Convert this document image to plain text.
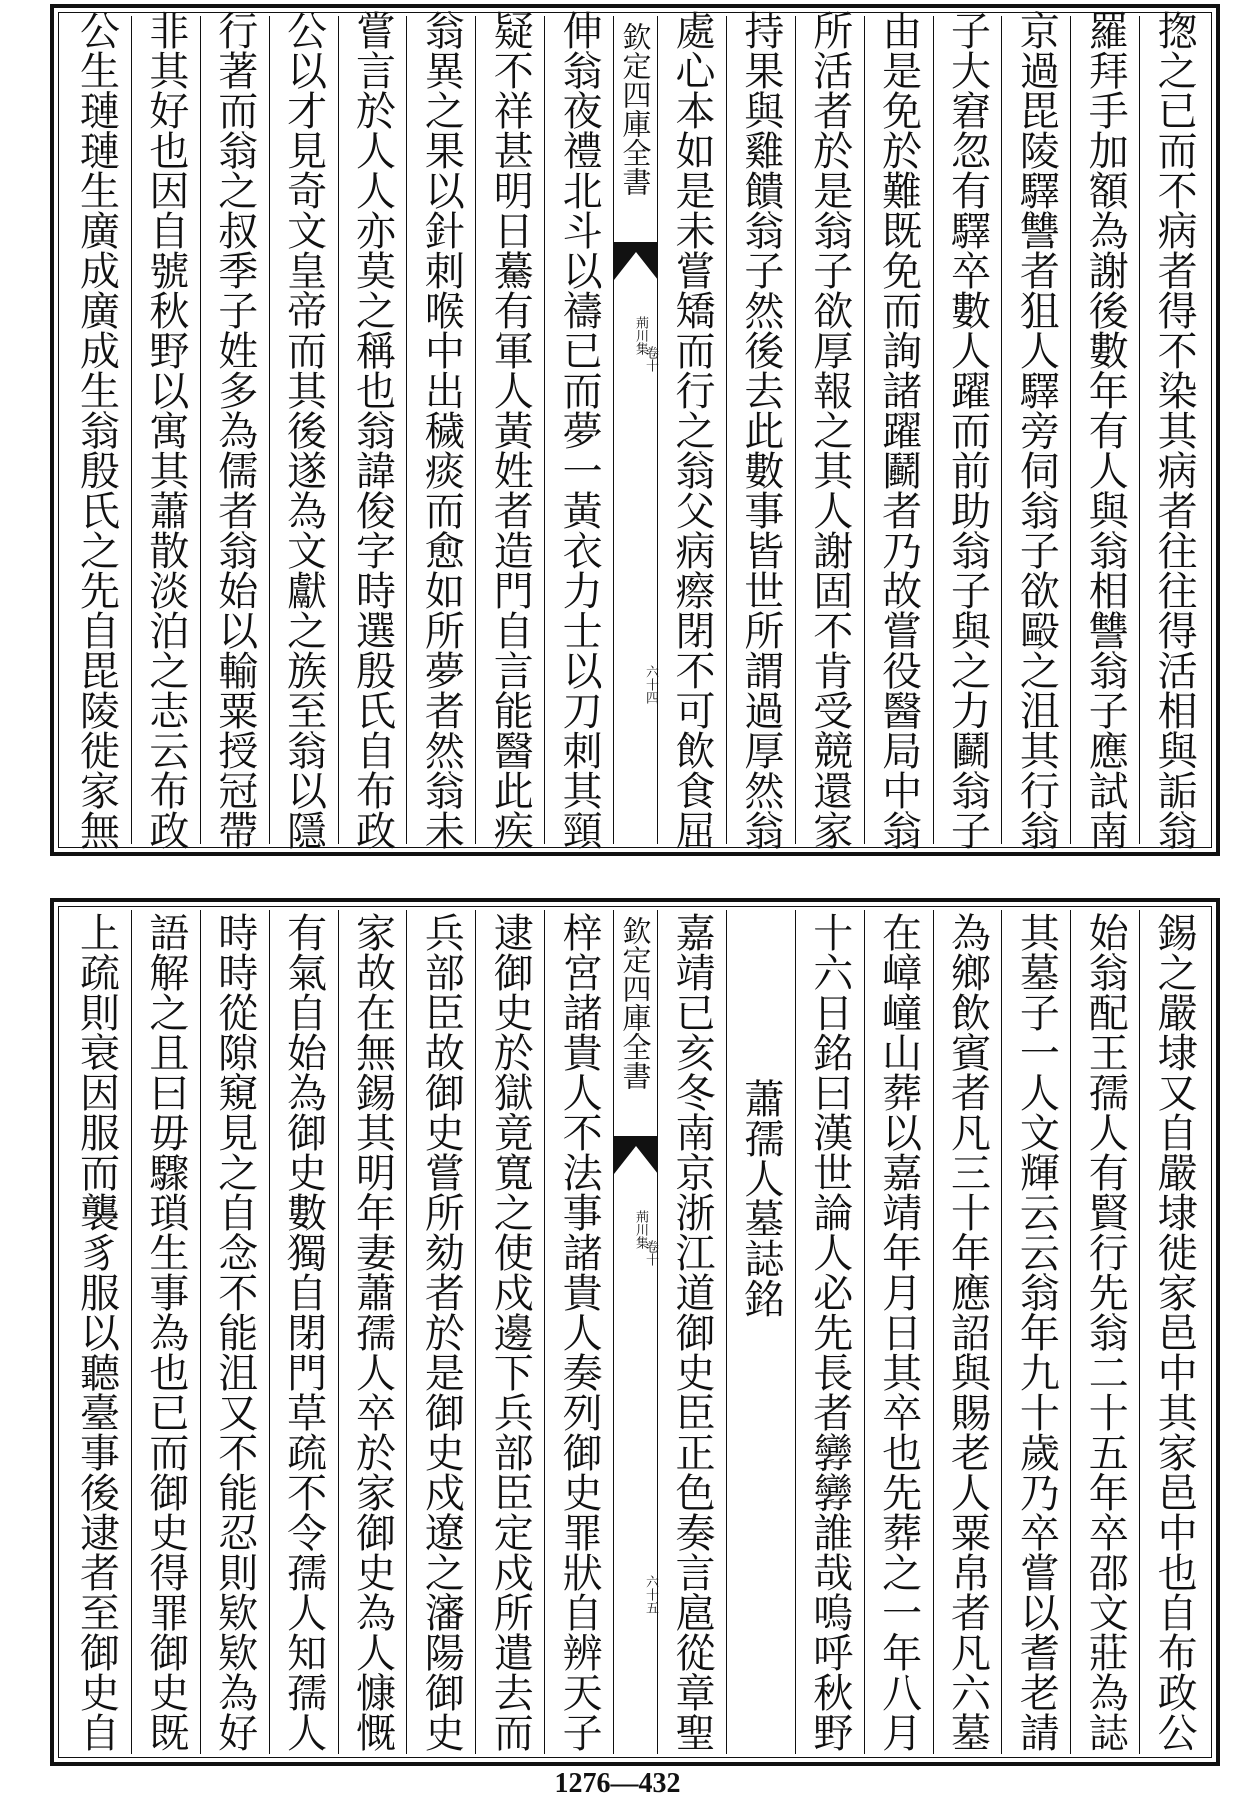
揔之已而不病者得不染其病者往往得活相與詬翁
羅拜手加額為謝後數年有人與翁相讐翁子應試南
京過毘陵驛讐者狙人驛旁伺翁子欲毆之沮其行翁
子大窘忽有驛卒數人躍而前助翁子與之力鬬翁子
由是免於難既免而詢諸躍鬬者乃故嘗役醫局中翁
所活者於是翁子欲厚報之其人謝固不肯受競還家
持果與雞饋翁子然後去此數事皆世所謂過厚然翁
處心本如是未嘗矯而行之翁父病瘵閉不可飲食屈
欽定四庫全書
荊川集
卷十
六十四
伸翁夜禮北斗以禱已而夢一黃衣力士以刀刺其頸
疑不祥甚明日驀有軍人黃姓者造門自言能醫此疾
翁異之果以針刺喉中出穢痰而愈如所夢者然翁未
嘗言於人人亦莫之稱也翁諱俊字時選殷氏自布政
公以才見奇文皇帝而其後遂為文獻之族至翁以隱
行著而翁之叔季子姓多為儒者翁始以輸粟授冠帶
非其好也因自號秋野以寓其蕭散淡泊之志云布政
公生璉璉生廣成廣成生翁殷氏之先自毘陵徙家無
錫之嚴埭又自嚴埭徙家邑中其家邑中也自布政公
始翁配王孺人有賢行先翁二十五年卒邵文莊為誌
其墓子一人文輝云云翁年九十歲乃卒嘗以耆老請
為鄉飲賓者凡三十年應詔與賜老人粟帛者凡六墓
在嶂㠉山葬以嘉靖年月日其卒也先葬之一年八月
十六日銘曰漢世論人必先長者㝈㝈誰哉嗚呼秋野
　蕭孺人墓誌銘
嘉靖已亥冬南京浙江道御史臣正色奏言扈從章聖
欽定四庫全書
荊川集
卷十
六十五
梓宮諸貴人不法事諸貴人奏列御史罪狀自辨天子
逮御史於獄竟寬之使戍邊下兵部臣定戍所遣去而
兵部臣故御史嘗所劾者於是御史戍遼之瀋陽御史
家故在無錫其明年妻蕭孺人卒於家御史為人慷慨
有氣自始為御史數獨自閉門草疏不令孺人知孺人
時時從隙窺見之自念不能沮又不能忍則欵欵為好
語解之且曰毋驟瑣生事為也已而御史得罪御史既
上疏則衰因服而襲豸服以聽臺事後逮者至御史自
1276—432
